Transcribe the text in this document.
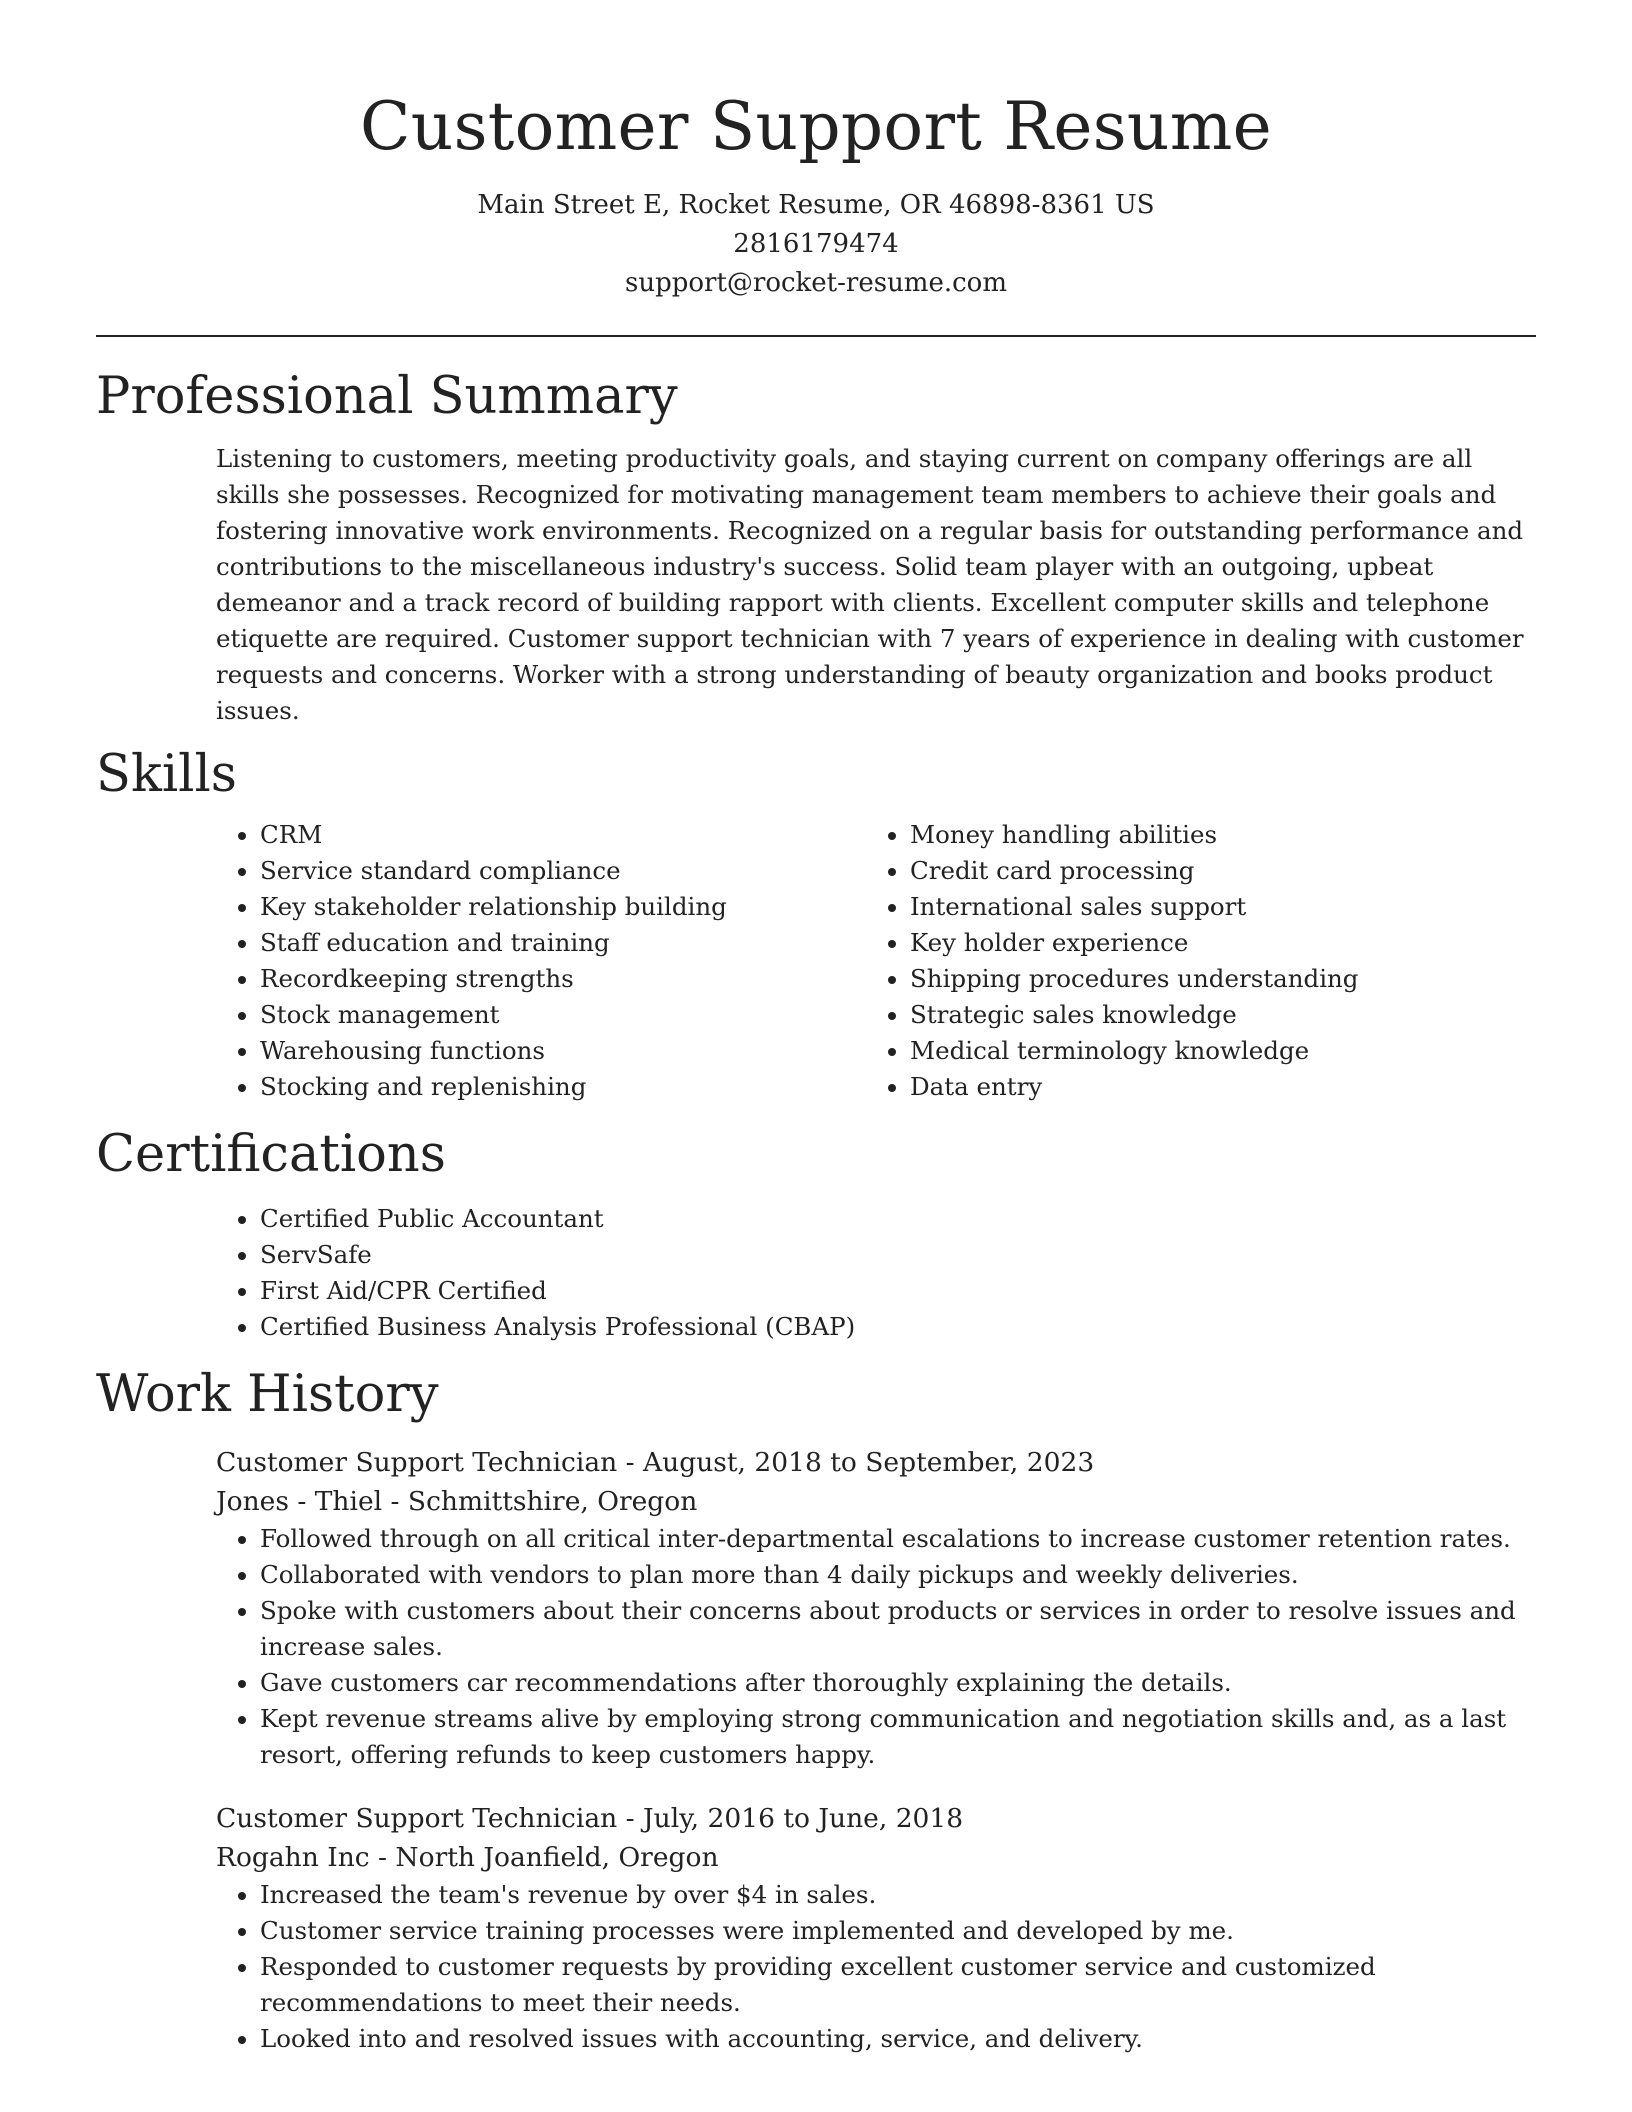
Customer Support Resume
Main Street E, Rocket Resume, OR 46898-8361 US
2816179474
support@rocket-resume.com
Professional Summary

Listening to customers, meeting productivity goals, and staying current on company offerings are all skills she possesses. Recognized for motivating management team members to achieve their goals and fostering innovative work environments. Recognized on a regular basis for outstanding performance and contributions to the miscellaneous industry's success. Solid team player with an outgoing, upbeat demeanor and a track record of building rapport with clients. Excellent computer skills and telephone etiquette are required. Customer support technician with 7 years of experience in dealing with customer requests and concerns. Worker with a strong understanding of beauty organization and books product issues.

Skills
• CRM
• Service standard compliance
• Key stakeholder relationship building
• Staff education and training
• Recordkeeping strengths
• Stock management
• Warehousing functions
• Stocking and replenishing
• Money handling abilities
• Credit card processing
• International sales support
• Key holder experience
• Shipping procedures understanding
• Strategic sales knowledge
• Medical terminology knowledge
• Data entry
Certifications
• Certified Public Accountant
• ServSafe
• First Aid/CPR Certified
• Certified Business Analysis Professional (CBAP)
Work History
Customer Support Technician - August, 2018 to September, 2023
Jones - Thiel - Schmittshire, Oregon
• Followed through on all critical inter-departmental escalations to increase customer retention rates.
• Collaborated with vendors to plan more than 4 daily pickups and weekly deliveries.
• Spoke with customers about their concerns about products or services in order to resolve issues and increase sales.
• Gave customers car recommendations after thoroughly explaining the details.
• Kept revenue streams alive by employing strong communication and negotiation skills and, as a last resort, offering refunds to keep customers happy.
Customer Support Technician - July, 2016 to June, 2018
Rogahn Inc - North Joanfield, Oregon
• Increased the team's revenue by over $4 in sales.
• Customer service training processes were implemented and developed by me.
• Responded to customer requests by providing excellent customer service and customized recommendations to meet their needs.
• Looked into and resolved issues with accounting, service, and delivery.
